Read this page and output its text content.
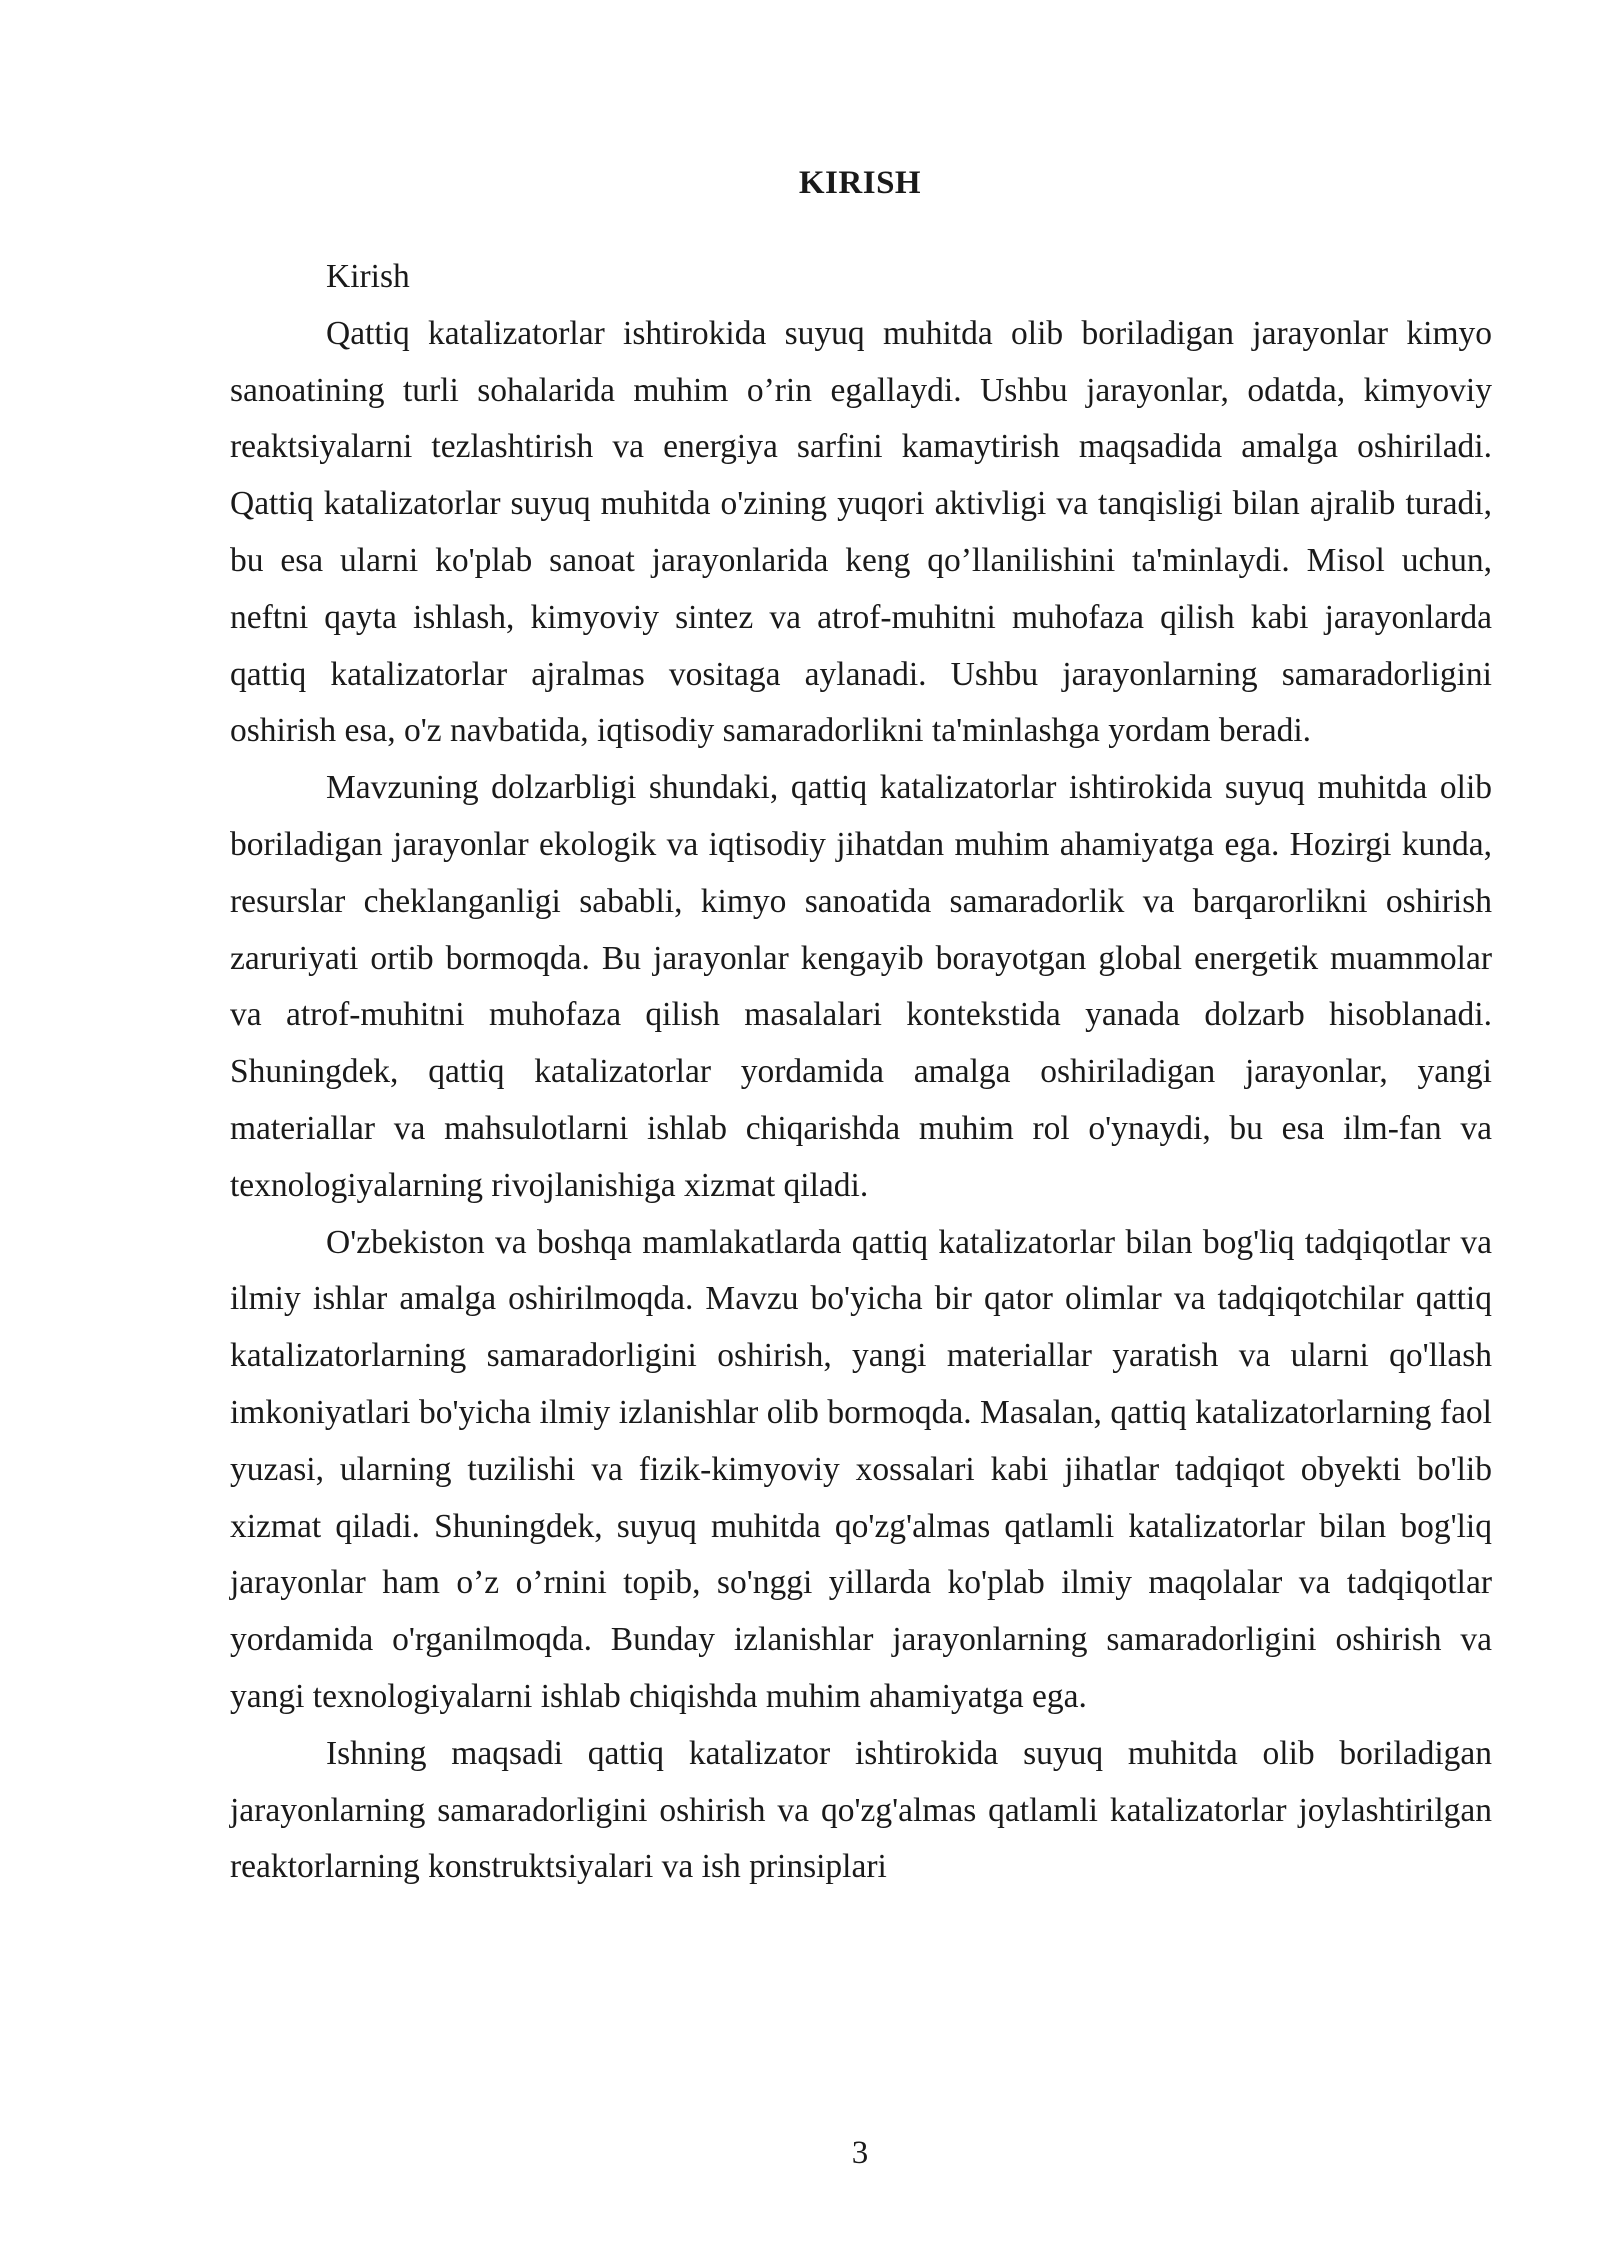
KIRISH

Kirish

Qattiq katalizatorlar ishtirokida suyuq muhitda olib boriladigan jarayonlar kimyo sanoatining turli sohalarida muhim o’rin egallaydi. Ushbu jarayonlar, odatda, kimyoviy reaktsiyalarni tezlashtirish va energiya sarfini kamaytirish maqsadida amalga oshiriladi. Qattiq katalizatorlar suyuq muhitda o'zining yuqori aktivligi va tanqisligi bilan ajralib turadi, bu esa ularni ko'plab sanoat jarayonlarida keng qo’llanilishini ta'minlaydi. Misol uchun, neftni qayta ishlash, kimyoviy sintez va atrof-muhitni muhofaza qilish kabi jarayonlarda qattiq katalizatorlar ajralmas vositaga aylanadi. Ushbu jarayonlarning samaradorligini oshirish esa, o'z navbatida, iqtisodiy samaradorlikni ta'minlashga yordam beradi.

Mavzuning dolzarbligi shundaki, qattiq katalizatorlar ishtirokida suyuq muhitda olib boriladigan jarayonlar ekologik va iqtisodiy jihatdan muhim ahamiyatga ega. Hozirgi kunda, resurslar cheklanganligi sababli, kimyo sanoatida samaradorlik va barqarorlikni oshirish zaruriyati ortib bormoqda. Bu jarayonlar kengayib borayotgan global energetik muammolar va atrof-muhitni muhofaza qilish masalalari kontekstida yanada dolzarb hisoblanadi. Shuningdek, qattiq katalizatorlar yordamida amalga oshiriladigan jarayonlar, yangi materiallar va mahsulotlarni ishlab chiqarishda muhim rol o'ynaydi, bu esa ilm-fan va texnologiyalarning rivojlanishiga xizmat qiladi.

O'zbekiston va boshqa mamlakatlarda qattiq katalizatorlar bilan bog'liq tadqiqotlar va ilmiy ishlar amalga oshirilmoqda. Mavzu bo'yicha bir qator olimlar va tadqiqotchilar qattiq katalizatorlarning samaradorligini oshirish, yangi materiallar yaratish va ularni qo'llash imkoniyatlari bo'yicha ilmiy izlanishlar olib bormoqda. Masalan, qattiq katalizatorlarning faol yuzasi, ularning tuzilishi va fizik-kimyoviy xossalari kabi jihatlar tadqiqot obyekti bo'lib xizmat qiladi. Shuningdek, suyuq muhitda qo'zg'almas qatlamli katalizatorlar bilan bog'liq jarayonlar ham o’z o’rnini topib, so'nggi yillarda ko'plab ilmiy maqolalar va tadqiqotlar yordamida o'rganilmoqda. Bunday izlanishlar jarayonlarning samaradorligini oshirish va yangi texnologiyalarni ishlab chiqishda muhim ahamiyatga ega.

Ishning maqsadi qattiq katalizator ishtirokida suyuq muhitda olib boriladigan jarayonlarning samaradorligini oshirish va qo'zg'almas qatlamli katalizatorlar joylashtirilgan reaktorlarning konstruktsiyalari va ish prinsiplari

3
